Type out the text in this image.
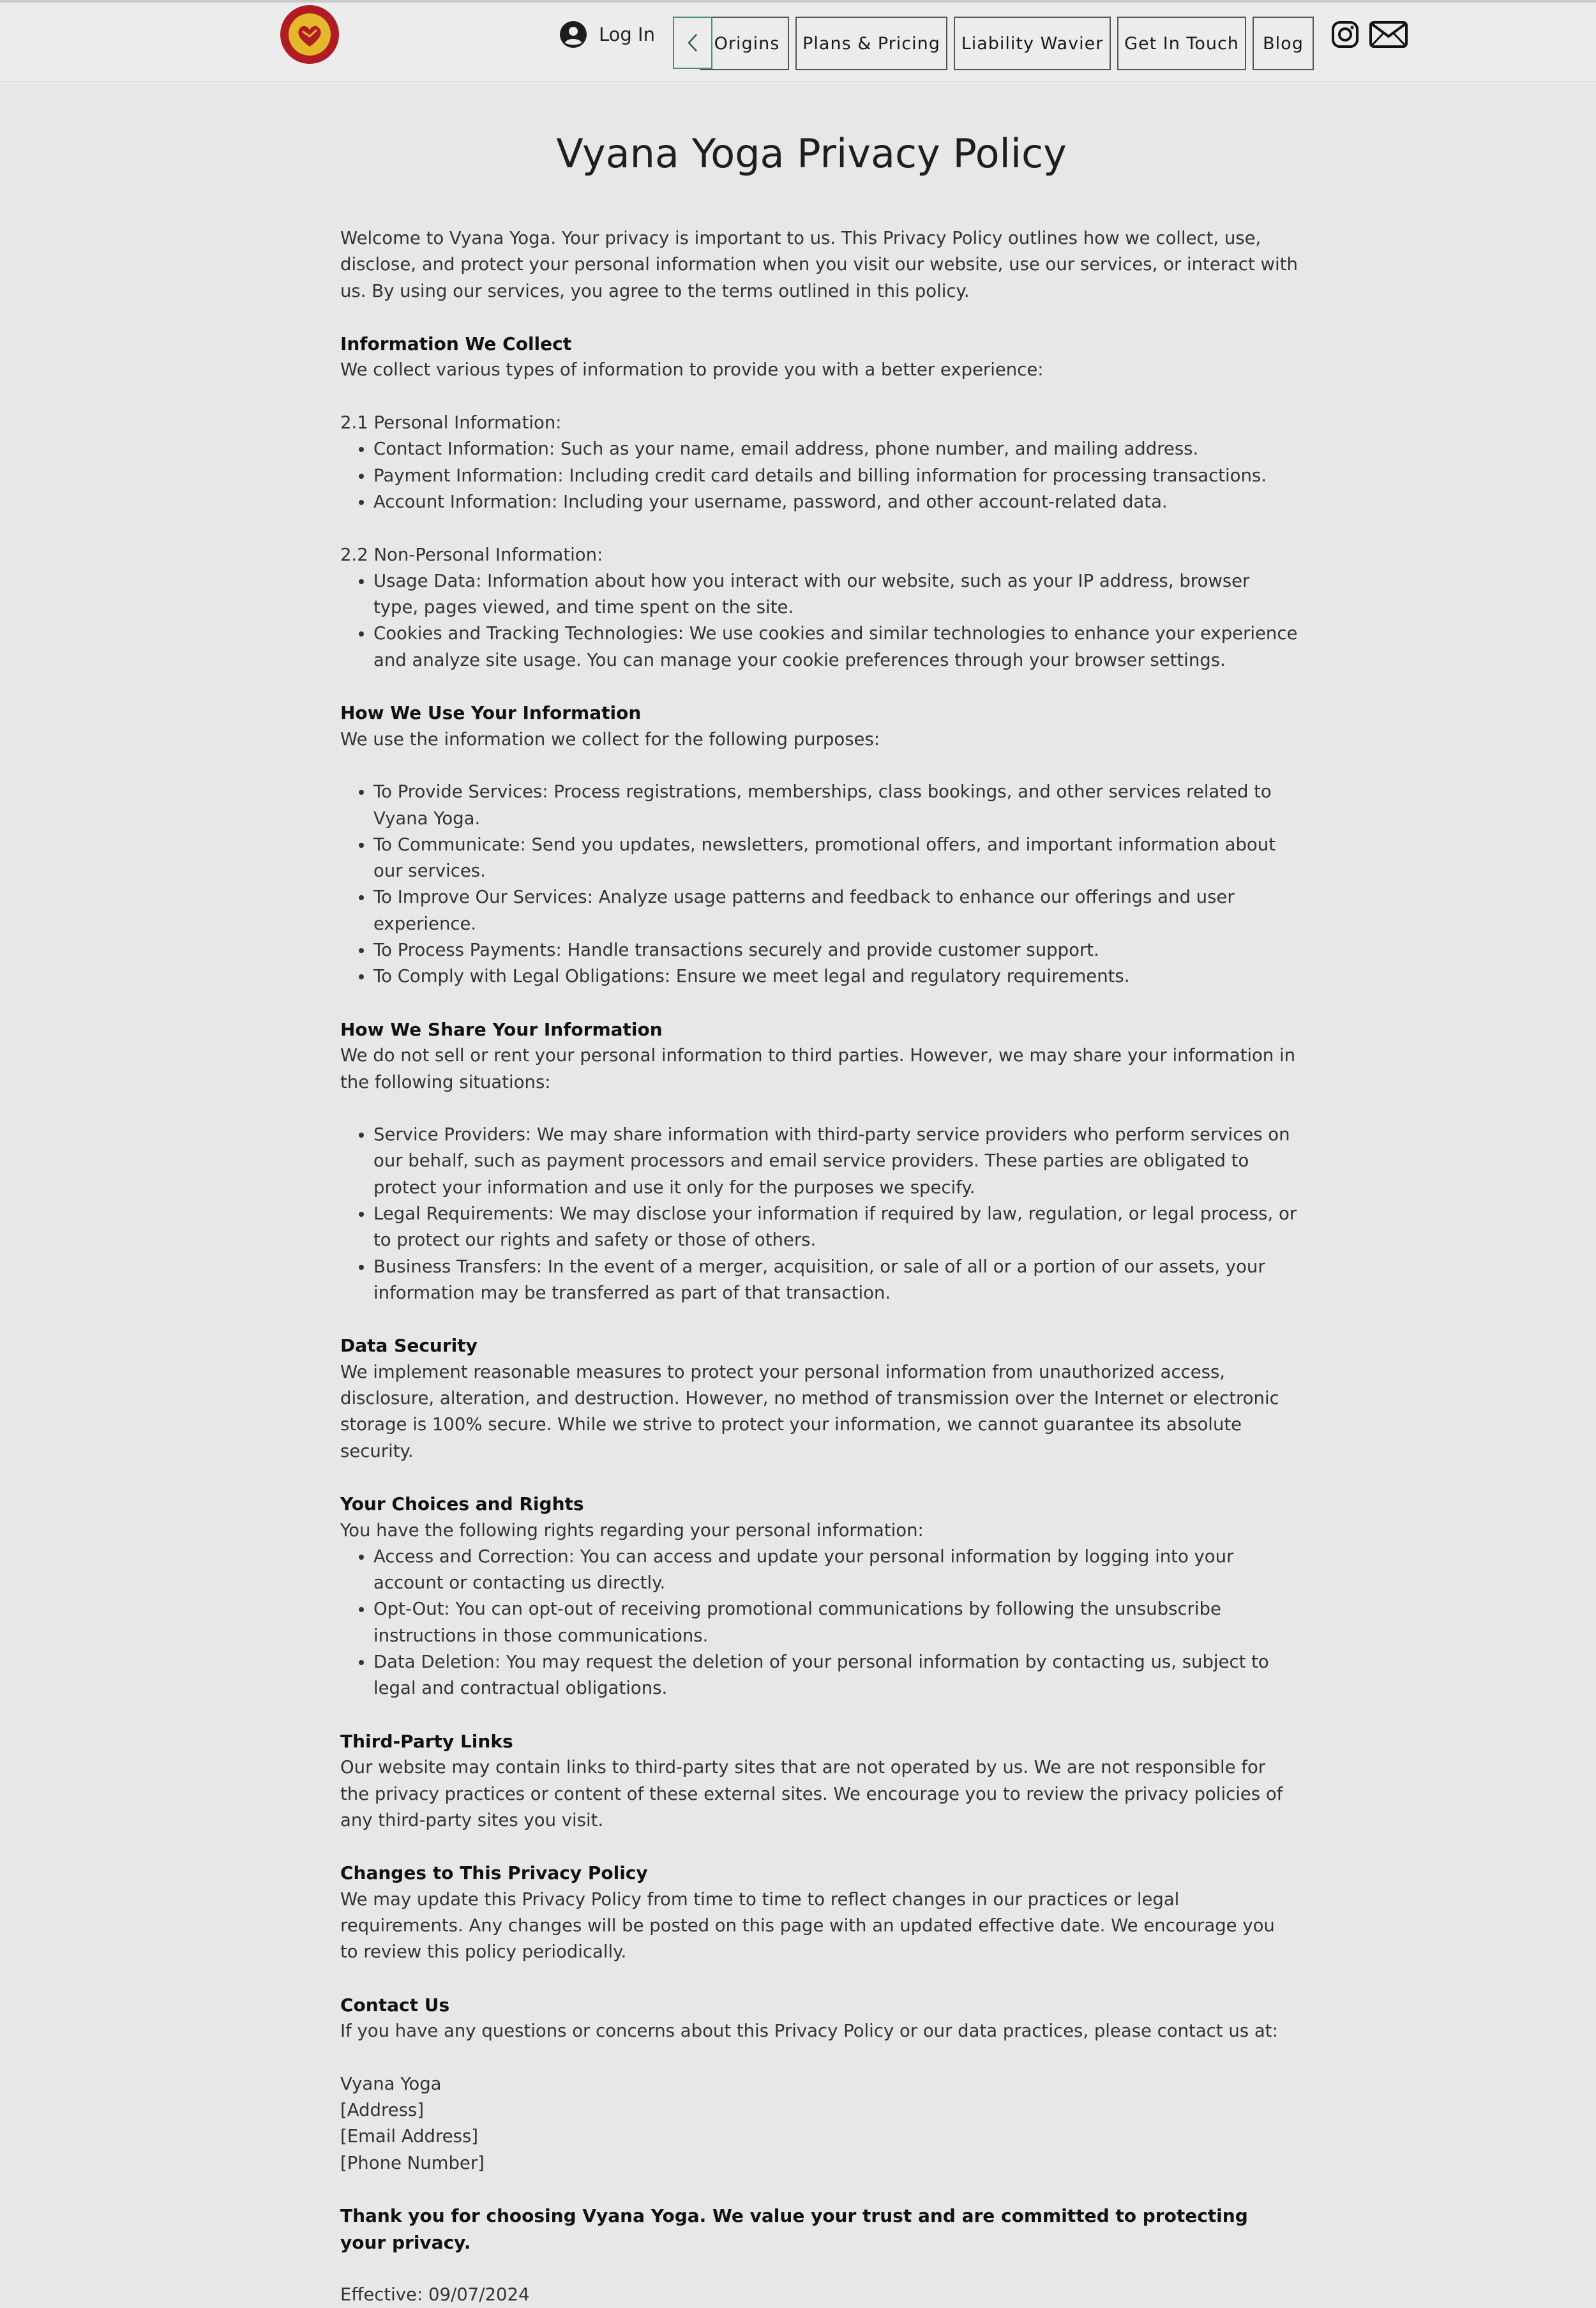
Log In	Origins	Plans & Pricing	Liability Wavier	Get In Touch	Blog
Vyana Yoga Privacy Policy

Welcome to Vyana Yoga. Your privacy is important to us. This Privacy Policy outlines how we collect, use, disclose, and protect your personal information when you visit our website, use our services, or interact with us. By using our services, you agree to the terms outlined in this policy.

Information We Collect

We collect various types of information to provide you with a better experience:

2.1 Personal Information:

• Contact Information: Such as your name, email address, phone number, and mailing address.
• Payment Information: Including credit card details and billing information for processing transactions.
• Account Information: Including your username, password, and other account-related data.

2.2 Non-Personal Information:

• Usage Data: Information about how you interact with our website, such as your IP address, browser type, pages viewed, and time spent on the site.
• Cookies and Tracking Technologies: We use cookies and similar technologies to enhance your experience and analyze site usage. You can manage your cookie preferences through your browser settings.
How We Use Your Information

We use the information we collect for the following purposes:

• To Provide Services: Process registrations, memberships, class bookings, and other services related to Vyana Yoga.
• To Communicate: Send you updates, newsletters, promotional offers, and important information about our services.
• To Improve Our Services: Analyze usage patterns and feedback to enhance our offerings and user experience.
• To Process Payments: Handle transactions securely and provide customer support.
• To Comply with Legal Obligations: Ensure we meet legal and regulatory requirements.
How We Share Your Information

We do not sell or rent your personal information to third parties. However, we may share your information in the following situations:

• Service Providers: We may share information with third-party service providers who perform services on our behalf, such as payment processors and email service providers. These parties are obligated to protect your information and use it only for the purposes we specify.
• Legal Requirements: We may disclose your information if required by law, regulation, or legal process, or to protect our rights and safety or those of others.
• Business Transfers: In the event of a merger, acquisition, or sale of all or a portion of our assets, your information may be transferred as part of that transaction.
Data Security

We implement reasonable measures to protect your personal information from unauthorized access, disclosure, alteration, and destruction. However, no method of transmission over the Internet or electronic storage is 100% secure. While we strive to protect your information, we cannot guarantee its absolute security.

Your Choices and Rights

You have the following rights regarding your personal information:

• Access and Correction: You can access and update your personal information by logging into your account or contacting us directly.
• Opt-Out: You can opt-out of receiving promotional communications by following the unsubscribe instructions in those communications.
• Data Deletion: You may request the deletion of your personal information by contacting us, subject to legal and contractual obligations.
Third-Party Links

Our website may contain links to third-party sites that are not operated by us. We are not responsible for the privacy practices or content of these external sites. We encourage you to review the privacy policies of any third-party sites you visit.

Changes to This Privacy Policy

We may update this Privacy Policy from time to time to reflect changes in our practices or legal requirements. Any changes will be posted on this page with an updated effective date. We encourage you to review this policy periodically.

Contact Us

If you have any questions or concerns about this Privacy Policy or our data practices, please contact us at:

Vyana Yoga

[Address]

[Email Address]

[Phone Number]

Thank you for choosing Vyana Yoga. We value your trust and are committed to protecting your privacy.

Effective: 09/07/2024
